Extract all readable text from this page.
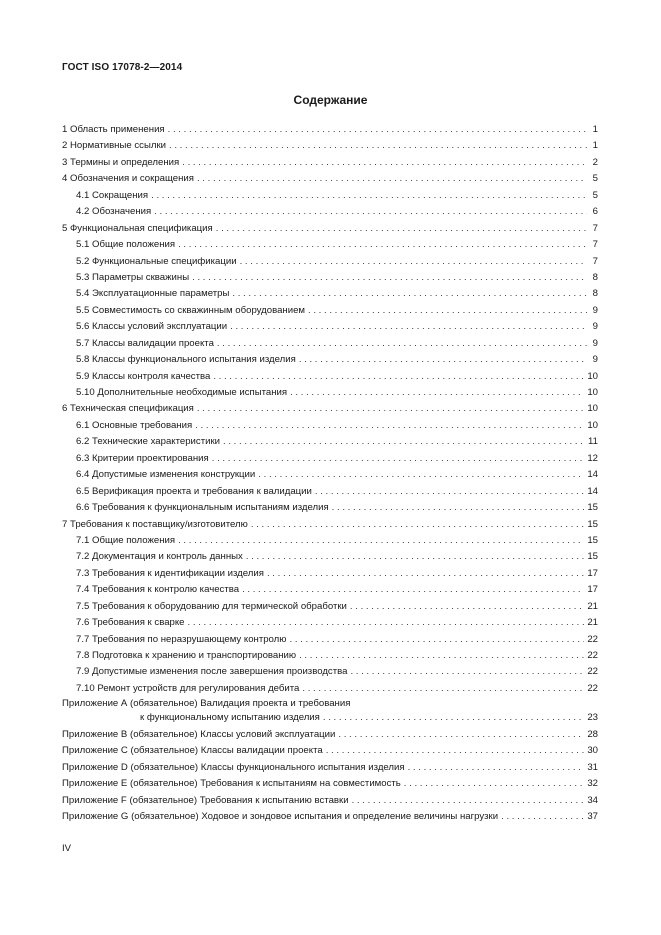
ГОСТ ISO 17078-2—2014
Содержание
1 Область применения . . .	1
2 Нормативные ссылки . . .	1
3 Термины и определения . . .	2
4 Обозначения и сокращения . . .	5
4.1 Сокращения . . .	5
4.2 Обозначения . . .	6
5 Функциональная спецификация . . .	7
5.1 Общие положения . . .	7
5.2 Функциональные спецификации . . .	7
5.3 Параметры скважины . . .	8
5.4 Эксплуатационные параметры . . .	8
5.5 Совместимость со скважинным оборудованием . . .	9
5.6 Классы условий эксплуатации . . .	9
5.7 Классы валидации проекта . . .	9
5.8 Классы функционального испытания изделия . . .	9
5.9 Классы контроля качества . . .	10
5.10 Дополнительные необходимые испытания . . .	10
6 Техническая спецификация . . .	10
6.1 Основные требования . . .	10
6.2 Технические характеристики . . .	11
6.3 Критерии проектирования . . .	12
6.4 Допустимые изменения конструкции . . .	14
6.5 Верификация проекта и требования к валидации . . .	14
6.6 Требования к функциональным испытаниям изделия . . .	15
7 Требования к поставщику/изготовителю . . .	15
7.1 Общие положения . . .	15
7.2 Документация и контроль данных . . .	15
7.3 Требования к идентификации изделия . . .	17
7.4 Требования к контролю качества . . .	17
7.5 Требования к оборудованию для термической обработки . . .	21
7.6 Требования к сварке . . .	21
7.7 Требования по неразрушающему контролю . . .	22
7.8 Подготовка к хранению и транспортированию . . .	22
7.9 Допустимые изменения после завершения производства . . .	22
7.10 Ремонт устройств для регулирования дебита . . .	22
Приложение А (обязательное) Валидация проекта и требования
к функциональному испытанию изделия . . .	23
Приложение В (обязательное) Классы условий эксплуатации . . .	28
Приложение С (обязательное) Классы валидации проекта . . .	30
Приложение D (обязательное) Классы функционального испытания изделия . . .	31
Приложение Е (обязательное) Требования к испытаниям на совместимость . . .	32
Приложение F (обязательное) Требования к испытанию вставки . . .	34
Приложение G (обязательное) Ходовое и зондовое испытания и определение величины нагрузки . . .	37
IV
